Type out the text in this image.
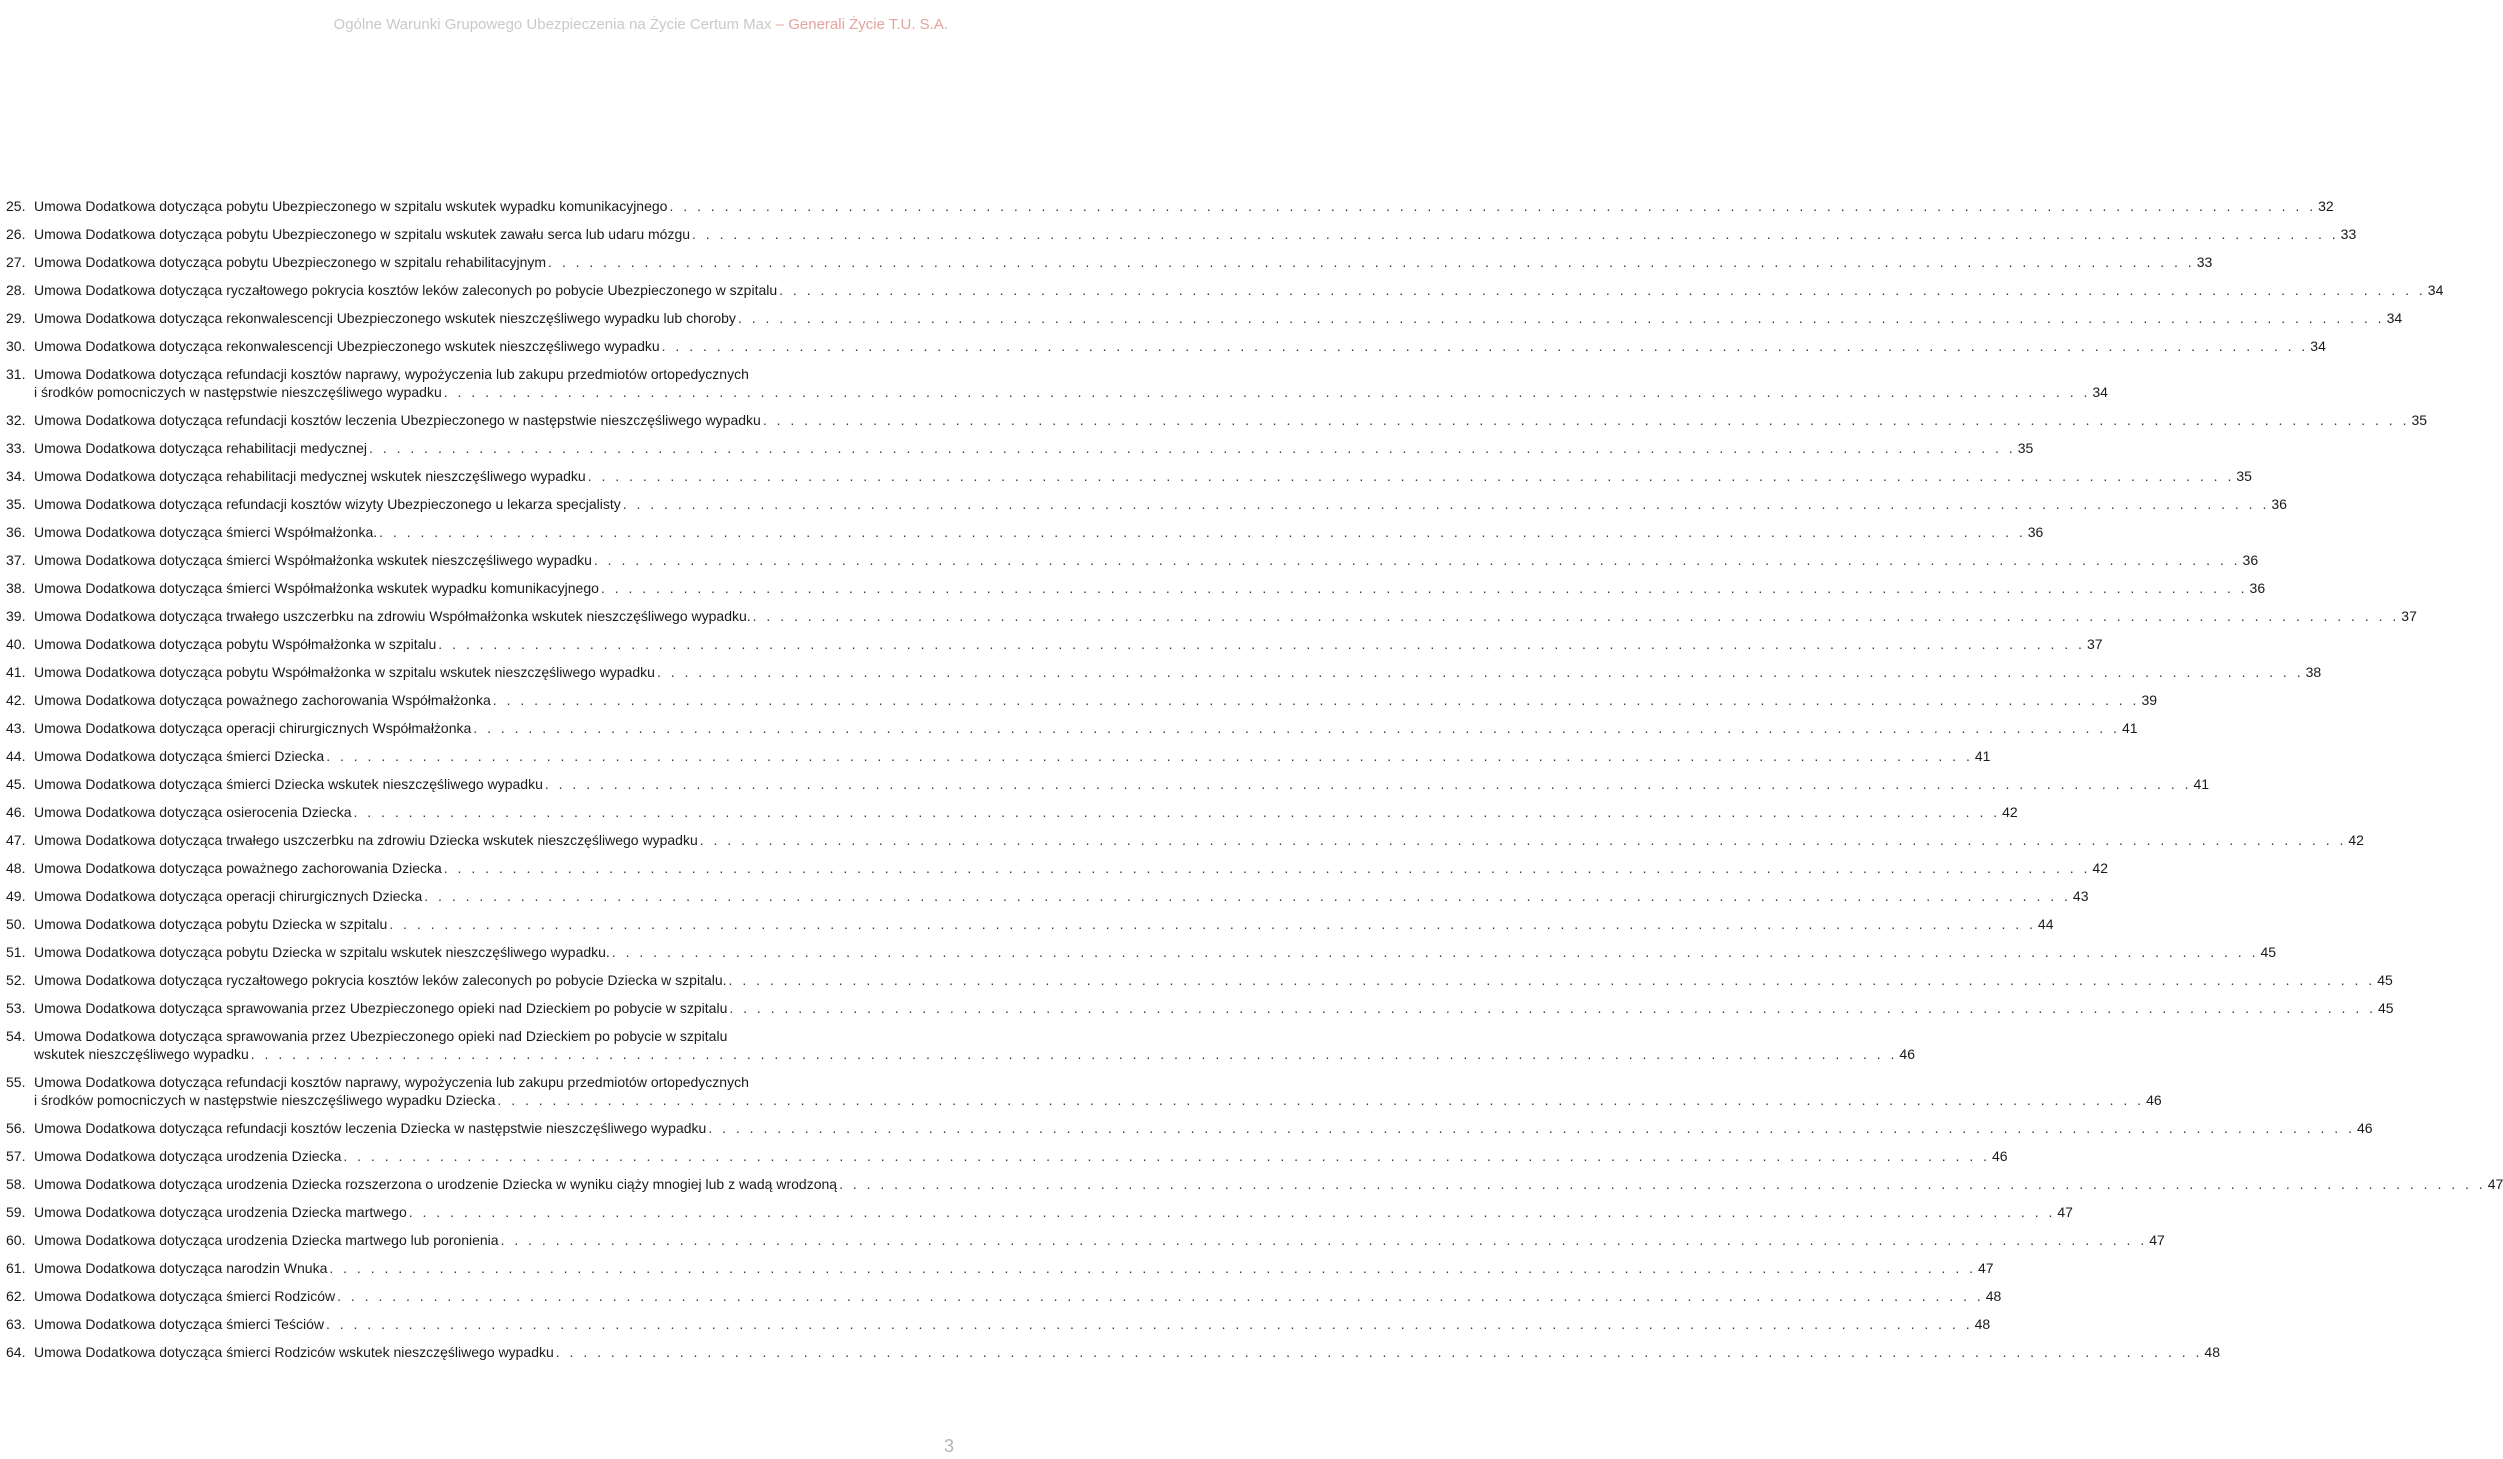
Ogólne Warunki Grupowego Ubezpieczenia na Życie Certum Max – Generali Życie T.U. S.A.
25. Umowa Dodatkowa dotycząca pobytu Ubezpieczonego w szpitalu wskutek wypadku komunikacyjnego . . . . . . . . . . . . . . . . . . . . . . . . . . . . . . . . . . . . . . . . . . . . . . . . . . . . . . . . . . . . . . . . . . . . . . . . . . . . . . . . . . . . . . . . . . . . . . . . . . . . . . . . . . . . . . . . . . . . . . . . 32
26. Umowa Dodatkowa dotycząca pobytu Ubezpieczonego w szpitalu wskutek zawału serca lub udaru mózgu . . . . . . . . . . . . . . . . . . . . . . . . . . . . . . . . . . . . . . . . . . . . . . . . . . . . . . . . . . . . . . . . . . . . . . . . . . . . . . . . . . . . . . . . . . . . . . . . . . . . . . . . . . . . . . . . . . . . . . . . 33
27. Umowa Dodatkowa dotycząca pobytu Ubezpieczonego w szpitalu rehabilitacyjnym . . . . . . . . . . . . . . . . . . . . . . . . . . . . . . . . . . . . . . . . . . . . . . . . . . . . . . . . . . . . . . . . . . . . . . . . . . . . . . . . . . . . . . . . . . . . . . . . . . . . . . . . . . . . . . . . . . . . . . . . 33
28. Umowa Dodatkowa dotycząca ryczałtowego pokrycia kosztów leków zaleconych po pobycie Ubezpieczonego w szpitalu . . . . . . . . . . . . . . . . . . . . . . . . . . . . . . . . . . . . . . . . . . . . . . . . . . . . . . . . . . . . . . . . . . . . . . . . . . . . . . . . . . . . . . . . . . . . . . . . . . . . . . . . . . . . . . . . . . . . . . . . 34
29. Umowa Dodatkowa dotycząca rekonwalescencji Ubezpieczonego wskutek nieszczęśliwego wypadku lub choroby . . . . . . . . . . . . . . . . . . . . . . . . . . . . . . . . . . . . . . . . . . . . . . . . . . . . . . . . . . . . . . . . . . . . . . . . . . . . . . . . . . . . . . . . . . . . . . . . . . . . . . . . . . . . . . . . . . . . . . . . 34
30. Umowa Dodatkowa dotycząca rekonwalescencji Ubezpieczonego wskutek nieszczęśliwego wypadku . . . . . . . . . . . . . . . . . . . . . . . . . . . . . . . . . . . . . . . . . . . . . . . . . . . . . . . . . . . . . . . . . . . . . . . . . . . . . . . . . . . . . . . . . . . . . . . . . . . . . . . . . . . . . . . . . . . . . . . . 34
31. Umowa Dodatkowa dotycząca refundacji kosztów naprawy, wypożyczenia lub zakupu przedmiotów ortopedycznych
i środków pomocniczych w następstwie nieszczęśliwego wypadku . . . . . . . . . . . . . . . . . . . . . . . . . . . . . . . . . . . . . . . . . . . . . . . . . . . . . . . . . . . . . . . . . . . . . . . . . . . . . . . . . . . . . . . . . . . . . . . . . . . . . . . . . . . . . . . . . . . . . . . . 34
32. Umowa Dodatkowa dotycząca refundacji kosztów leczenia Ubezpieczonego w następstwie nieszczęśliwego wypadku . . . . . . . . . . . . . . . . . . . . . . . . . . . . . . . . . . . . . . . . . . . . . . . . . . . . . . . . . . . . . . . . . . . . . . . . . . . . . . . . . . . . . . . . . . . . . . . . . . . . . . . . . . . . . . . . . . . . . . . . 35
33. Umowa Dodatkowa dotycząca rehabilitacji medycznej . . . . . . . . . . . . . . . . . . . . . . . . . . . . . . . . . . . . . . . . . . . . . . . . . . . . . . . . . . . . . . . . . . . . . . . . . . . . . . . . . . . . . . . . . . . . . . . . . . . . . . . . . . . . . . . . . . . . . . . . 35
34. Umowa Dodatkowa dotycząca rehabilitacji medycznej wskutek nieszczęśliwego wypadku . . . . . . . . . . . . . . . . . . . . . . . . . . . . . . . . . . . . . . . . . . . . . . . . . . . . . . . . . . . . . . . . . . . . . . . . . . . . . . . . . . . . . . . . . . . . . . . . . . . . . . . . . . . . . . . . . . . . . . . . 35
35. Umowa Dodatkowa dotycząca refundacji kosztów wizyty Ubezpieczonego u lekarza specjalisty . . . . . . . . . . . . . . . . . . . . . . . . . . . . . . . . . . . . . . . . . . . . . . . . . . . . . . . . . . . . . . . . . . . . . . . . . . . . . . . . . . . . . . . . . . . . . . . . . . . . . . . . . . . . . . . . . . . . . . . . 36
36. Umowa Dodatkowa dotycząca śmierci Współmałżonka. . . . . . . . . . . . . . . . . . . . . . . . . . . . . . . . . . . . . . . . . . . . . . . . . . . . . . . . . . . . . . . . . . . . . . . . . . . . . . . . . . . . . . . . . . . . . . . . . . . . . . . . . . . . . . . . . . . . . . . . . 36
37. Umowa Dodatkowa dotycząca śmierci Współmałżonka wskutek nieszczęśliwego wypadku . . . . . . . . . . . . . . . . . . . . . . . . . . . . . . . . . . . . . . . . . . . . . . . . . . . . . . . . . . . . . . . . . . . . . . . . . . . . . . . . . . . . . . . . . . . . . . . . . . . . . . . . . . . . . . . . . . . . . . . . 36
38. Umowa Dodatkowa dotycząca śmierci Współmałżonka wskutek wypadku komunikacyjnego . . . . . . . . . . . . . . . . . . . . . . . . . . . . . . . . . . . . . . . . . . . . . . . . . . . . . . . . . . . . . . . . . . . . . . . . . . . . . . . . . . . . . . . . . . . . . . . . . . . . . . . . . . . . . . . . . . . . . . . . 36
39. Umowa Dodatkowa dotycząca trwałego uszczerbku na zdrowiu Współmałżonka wskutek nieszczęśliwego wypadku. . . . . . . . . . . . . . . . . . . . . . . . . . . . . . . . . . . . . . . . . . . . . . . . . . . . . . . . . . . . . . . . . . . . . . . . . . . . . . . . . . . . . . . . . . . . . . . . . . . . . . . . . . . . . . . . . . . . . . . . . 37
40. Umowa Dodatkowa dotycząca pobytu Współmałżonka w szpitalu . . . . . . . . . . . . . . . . . . . . . . . . . . . . . . . . . . . . . . . . . . . . . . . . . . . . . . . . . . . . . . . . . . . . . . . . . . . . . . . . . . . . . . . . . . . . . . . . . . . . . . . . . . . . . . . . . . . . . . . . 37
41. Umowa Dodatkowa dotycząca pobytu Współmałżonka w szpitalu wskutek nieszczęśliwego wypadku . . . . . . . . . . . . . . . . . . . . . . . . . . . . . . . . . . . . . . . . . . . . . . . . . . . . . . . . . . . . . . . . . . . . . . . . . . . . . . . . . . . . . . . . . . . . . . . . . . . . . . . . . . . . . . . . . . . . . . . . 38
42. Umowa Dodatkowa dotycząca poważnego zachorowania Współmałżonka . . . . . . . . . . . . . . . . . . . . . . . . . . . . . . . . . . . . . . . . . . . . . . . . . . . . . . . . . . . . . . . . . . . . . . . . . . . . . . . . . . . . . . . . . . . . . . . . . . . . . . . . . . . . . . . . . . . . . . . . 39
43. Umowa Dodatkowa dotycząca operacji chirurgicznych Współmałżonka . . . . . . . . . . . . . . . . . . . . . . . . . . . . . . . . . . . . . . . . . . . . . . . . . . . . . . . . . . . . . . . . . . . . . . . . . . . . . . . . . . . . . . . . . . . . . . . . . . . . . . . . . . . . . . . . . . . . . . . . 41
44. Umowa Dodatkowa dotycząca śmierci Dziecka . . . . . . . . . . . . . . . . . . . . . . . . . . . . . . . . . . . . . . . . . . . . . . . . . . . . . . . . . . . . . . . . . . . . . . . . . . . . . . . . . . . . . . . . . . . . . . . . . . . . . . . . . . . . . . . . . . . . . . . . 41
45. Umowa Dodatkowa dotycząca śmierci Dziecka wskutek nieszczęśliwego wypadku . . . . . . . . . . . . . . . . . . . . . . . . . . . . . . . . . . . . . . . . . . . . . . . . . . . . . . . . . . . . . . . . . . . . . . . . . . . . . . . . . . . . . . . . . . . . . . . . . . . . . . . . . . . . . . . . . . . . . . . . 41
46. Umowa Dodatkowa dotycząca osierocenia Dziecka . . . . . . . . . . . . . . . . . . . . . . . . . . . . . . . . . . . . . . . . . . . . . . . . . . . . . . . . . . . . . . . . . . . . . . . . . . . . . . . . . . . . . . . . . . . . . . . . . . . . . . . . . . . . . . . . . . . . . . . . 42
47. Umowa Dodatkowa dotycząca trwałego uszczerbku na zdrowiu Dziecka wskutek nieszczęśliwego wypadku . . . . . . . . . . . . . . . . . . . . . . . . . . . . . . . . . . . . . . . . . . . . . . . . . . . . . . . . . . . . . . . . . . . . . . . . . . . . . . . . . . . . . . . . . . . . . . . . . . . . . . . . . . . . . . . . . . . . . . . . 42
48. Umowa Dodatkowa dotycząca poważnego zachorowania Dziecka . . . . . . . . . . . . . . . . . . . . . . . . . . . . . . . . . . . . . . . . . . . . . . . . . . . . . . . . . . . . . . . . . . . . . . . . . . . . . . . . . . . . . . . . . . . . . . . . . . . . . . . . . . . . . . . . . . . . . . . . 42
49. Umowa Dodatkowa dotycząca operacji chirurgicznych Dziecka . . . . . . . . . . . . . . . . . . . . . . . . . . . . . . . . . . . . . . . . . . . . . . . . . . . . . . . . . . . . . . . . . . . . . . . . . . . . . . . . . . . . . . . . . . . . . . . . . . . . . . . . . . . . . . . . . . . . . . . . 43
50. Umowa Dodatkowa dotycząca pobytu Dziecka w szpitalu . . . . . . . . . . . . . . . . . . . . . . . . . . . . . . . . . . . . . . . . . . . . . . . . . . . . . . . . . . . . . . . . . . . . . . . . . . . . . . . . . . . . . . . . . . . . . . . . . . . . . . . . . . . . . . . . . . . . . . . . 44
51. Umowa Dodatkowa dotycząca pobytu Dziecka w szpitalu wskutek nieszczęśliwego wypadku. . . . . . . . . . . . . . . . . . . . . . . . . . . . . . . . . . . . . . . . . . . . . . . . . . . . . . . . . . . . . . . . . . . . . . . . . . . . . . . . . . . . . . . . . . . . . . . . . . . . . . . . . . . . . . . . . . . . . . . . . 45
52. Umowa Dodatkowa dotycząca ryczałtowego pokrycia kosztów leków zaleconych po pobycie Dziecka w szpitalu. . . . . . . . . . . . . . . . . . . . . . . . . . . . . . . . . . . . . . . . . . . . . . . . . . . . . . . . . . . . . . . . . . . . . . . . . . . . . . . . . . . . . . . . . . . . . . . . . . . . . . . . . . . . . . . . . . . . . . . . . 45
53. Umowa Dodatkowa dotycząca sprawowania przez Ubezpieczonego opieki nad Dzieckiem po pobycie w szpitalu . . . . . . . . . . . . . . . . . . . . . . . . . . . . . . . . . . . . . . . . . . . . . . . . . . . . . . . . . . . . . . . . . . . . . . . . . . . . . . . . . . . . . . . . . . . . . . . . . . . . . . . . . . . . . . . . . . . . . . . . 45
54. Umowa Dodatkowa dotycząca sprawowania przez Ubezpieczonego opieki nad Dzieckiem po pobycie w szpitalu
wskutek nieszczęśliwego wypadku . . . . . . . . . . . . . . . . . . . . . . . . . . . . . . . . . . . . . . . . . . . . . . . . . . . . . . . . . . . . . . . . . . . . . . . . . . . . . . . . . . . . . . . . . . . . . . . . . . . . . . . . . . . . . . . . . . . . . . . . 46
55. Umowa Dodatkowa dotycząca refundacji kosztów naprawy, wypożyczenia lub zakupu przedmiotów ortopedycznych
i środków pomocniczych w następstwie nieszczęśliwego wypadku Dziecka . . . . . . . . . . . . . . . . . . . . . . . . . . . . . . . . . . . . . . . . . . . . . . . . . . . . . . . . . . . . . . . . . . . . . . . . . . . . . . . . . . . . . . . . . . . . . . . . . . . . . . . . . . . . . . . . . . . . . . . . 46
56. Umowa Dodatkowa dotycząca refundacji kosztów leczenia Dziecka w następstwie nieszczęśliwego wypadku . . . . . . . . . . . . . . . . . . . . . . . . . . . . . . . . . . . . . . . . . . . . . . . . . . . . . . . . . . . . . . . . . . . . . . . . . . . . . . . . . . . . . . . . . . . . . . . . . . . . . . . . . . . . . . . . . . . . . . . . 46
57. Umowa Dodatkowa dotycząca urodzenia Dziecka . . . . . . . . . . . . . . . . . . . . . . . . . . . . . . . . . . . . . . . . . . . . . . . . . . . . . . . . . . . . . . . . . . . . . . . . . . . . . . . . . . . . . . . . . . . . . . . . . . . . . . . . . . . . . . . . . . . . . . . . 46
58. Umowa Dodatkowa dotycząca urodzenia Dziecka rozszerzona o urodzenie Dziecka w wyniku ciąży mnogiej lub z wadą wrodzoną . . . . . . . . . . . . . . . . . . . . . . . . . . . . . . . . . . . . . . . . . . . . . . . . . . . . . . . . . . . . . . . . . . . . . . . . . . . . . . . . . . . . . . . . . . . . . . . . . . . . . . . . . . . . . . . . . . . . . . . . 47
59. Umowa Dodatkowa dotycząca urodzenia Dziecka martwego . . . . . . . . . . . . . . . . . . . . . . . . . . . . . . . . . . . . . . . . . . . . . . . . . . . . . . . . . . . . . . . . . . . . . . . . . . . . . . . . . . . . . . . . . . . . . . . . . . . . . . . . . . . . . . . . . . . . . . . . 47
60. Umowa Dodatkowa dotycząca urodzenia Dziecka martwego lub poronienia . . . . . . . . . . . . . . . . . . . . . . . . . . . . . . . . . . . . . . . . . . . . . . . . . . . . . . . . . . . . . . . . . . . . . . . . . . . . . . . . . . . . . . . . . . . . . . . . . . . . . . . . . . . . . . . . . . . . . . . . 47
61. Umowa Dodatkowa dotycząca narodzin Wnuka . . . . . . . . . . . . . . . . . . . . . . . . . . . . . . . . . . . . . . . . . . . . . . . . . . . . . . . . . . . . . . . . . . . . . . . . . . . . . . . . . . . . . . . . . . . . . . . . . . . . . . . . . . . . . . . . . . . . . . . . 47
62. Umowa Dodatkowa dotycząca śmierci Rodziców . . . . . . . . . . . . . . . . . . . . . . . . . . . . . . . . . . . . . . . . . . . . . . . . . . . . . . . . . . . . . . . . . . . . . . . . . . . . . . . . . . . . . . . . . . . . . . . . . . . . . . . . . . . . . . . . . . . . . . . . 48
63. Umowa Dodatkowa dotycząca śmierci Teściów . . . . . . . . . . . . . . . . . . . . . . . . . . . . . . . . . . . . . . . . . . . . . . . . . . . . . . . . . . . . . . . . . . . . . . . . . . . . . . . . . . . . . . . . . . . . . . . . . . . . . . . . . . . . . . . . . . . . . . . . 48
64. Umowa Dodatkowa dotycząca śmierci Rodziców wskutek nieszczęśliwego wypadku . . . . . . . . . . . . . . . . . . . . . . . . . . . . . . . . . . . . . . . . . . . . . . . . . . . . . . . . . . . . . . . . . . . . . . . . . . . . . . . . . . . . . . . . . . . . . . . . . . . . . . . . . . . . . . . . . . . . . . . . 48
3
